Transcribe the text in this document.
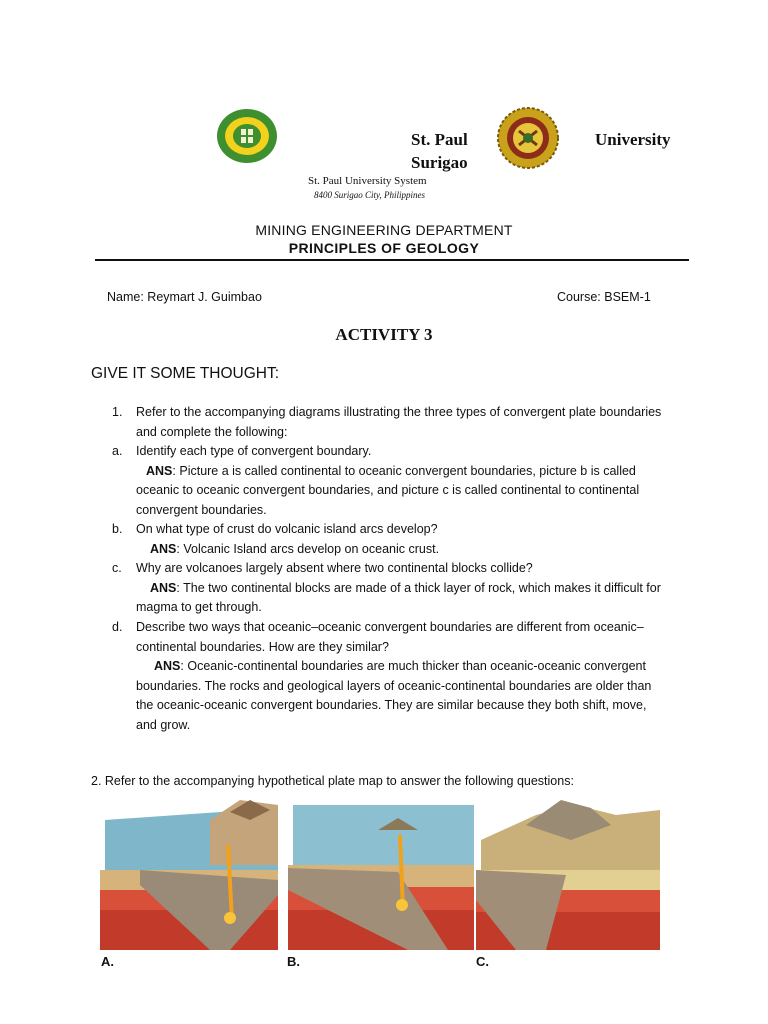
St. Paul	University
Surigao
St. Paul University System
8400 Surigao City, Philippines
MINING ENGINEERING DEPARTMENT
PRINCIPLES OF GEOLOGY
Name: Reymart J. Guimbao	Course: BSEM-1
ACTIVITY 3
GIVE IT SOME THOUGHT:
1. Refer to the accompanying diagrams illustrating the three types of convergent plate boundaries and complete the following:
a. Identify each type of convergent boundary.
ANS: Picture a is called continental to oceanic convergent boundaries, picture b is called oceanic to oceanic convergent boundaries, and picture c is called continental to continental convergent boundaries.
b. On what type of crust do volcanic island arcs develop?
ANS: Volcanic Island arcs develop on oceanic crust.
c. Why are volcanoes largely absent where two continental blocks collide?
ANS: The two continental blocks are made of a thick layer of rock, which makes it difficult for magma to get through.
d. Describe two ways that oceanic–oceanic convergent boundaries are different from oceanic– continental boundaries. How are they similar?
ANS: Oceanic-continental boundaries are much thicker than oceanic-oceanic convergent boundaries. The rocks and geological layers of oceanic-continental boundaries are older than the oceanic-oceanic convergent boundaries. They are similar because they both shift, move, and grow.
2. Refer to the accompanying hypothetical plate map to answer the following questions:
A.	B.	C.
